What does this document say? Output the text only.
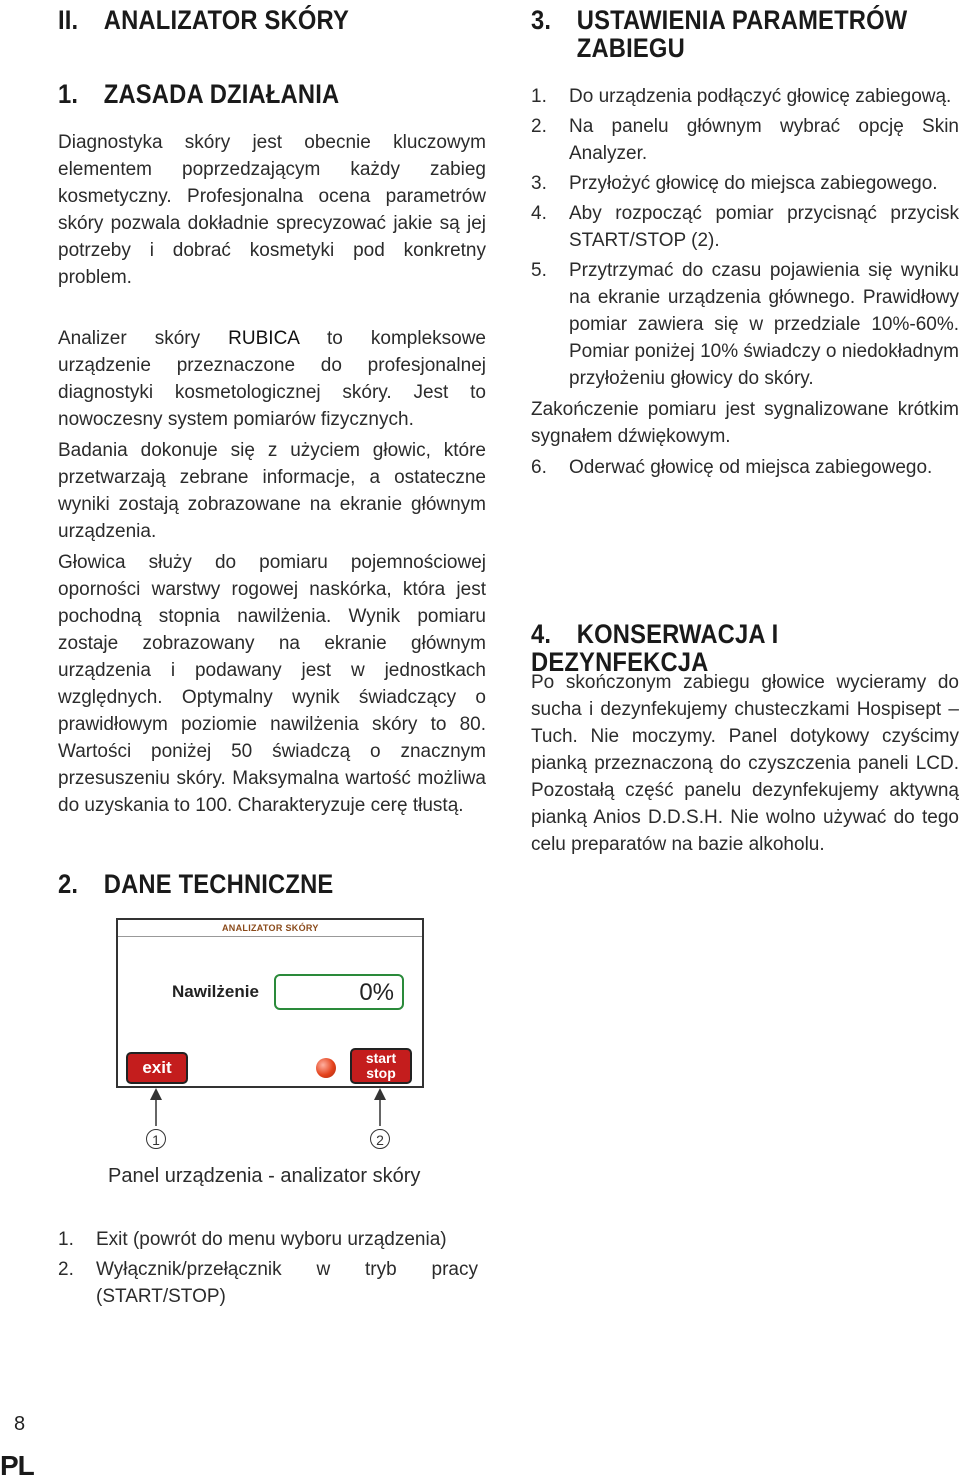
II. ANALIZATOR SKÓRY
1. ZASADA DZIAŁANIA

Diagnostyka skóry jest obecnie kluczowym elementem poprzedzającym każdy zabieg kosmetyczny. Profesjonalna ocena parametrów skóry pozwala dokładnie sprecyzować jakie są jej potrzeby i dobrać kosmetyki pod konkretny problem.

Analizer skóry RUBICA to kompleksowe urządzenie przeznaczone do profesjonalnej diagnostyki kosmetologicznej skóry. Jest to nowoczesny system pomiarów fizycznych.

Badania dokonuje się z użyciem głowic, które przetwarzają zebrane informacje, a ostateczne wyniki zostają zobrazowane na ekranie głównym urządzenia.

Głowica służy do pomiaru pojemnościowej oporności warstwy rogowej naskórka, która jest pochodną stopnia nawilżenia. Wynik pomiaru zostaje zobrazowany na ekranie głównym urządzenia i podawany jest w jednostkach względnych. Optymalny wynik świadczący o prawidłowym poziomie nawilżenia skóry to 80. Wartości poniżej 50 świadczą o znacznym przesuszeniu skóry. Maksymalna wartość możliwa do uzyskania to 100. Charakteryzuje cerę tłustą.

2. DANE TECHNICZNE
ANALIZATOR SKÓRY
Nawilżenie	0%
exit	start
stop
1	2
Panel urządzenia - analizator skóry
1. Exit (powrót do menu wyboru urządzenia)
2. Wyłącznik/przełącznik w tryb pracy (START/STOP)
3. USTAWIENIA PARAMETRÓW
ZABIEGU
1. Do urządzenia podłączyć głowicę zabiegową.
2. Na panelu głównym wybrać opcję Skin Analyzer.
3. Przyłożyć głowicę do miejsca zabiegowego.
4. Aby rozpocząć pomiar przycisnąć przycisk START/STOP (2).
5. Przytrzymać do czasu pojawienia się wyniku na ekranie urządzenia głównego. Prawidłowy pomiar zawiera się w przedziale 10%-60%. Pomiar poniżej 10% świadczy o niedokładnym przyłożeniu głowicy do skóry.

Zakończenie pomiaru jest sygnalizowane krótkim sygnałem dźwiękowym.

6. Oderwać głowicę od miejsca zabiegowego.
4. KONSERWACJA I DEZYNFEKCJA

Po skończonym zabiegu głowice wycieramy do sucha i dezynfekujemy chusteczkami Hospisept – Tuch. Nie moczymy. Panel dotykowy czyścimy pianką przeznaczoną do czyszczenia paneli LCD. Pozostałą część panelu dezynfekujemy aktywną pianką Anios D.D.S.H. Nie wolno używać do tego celu preparatów na bazie alkoholu.

8
PL
